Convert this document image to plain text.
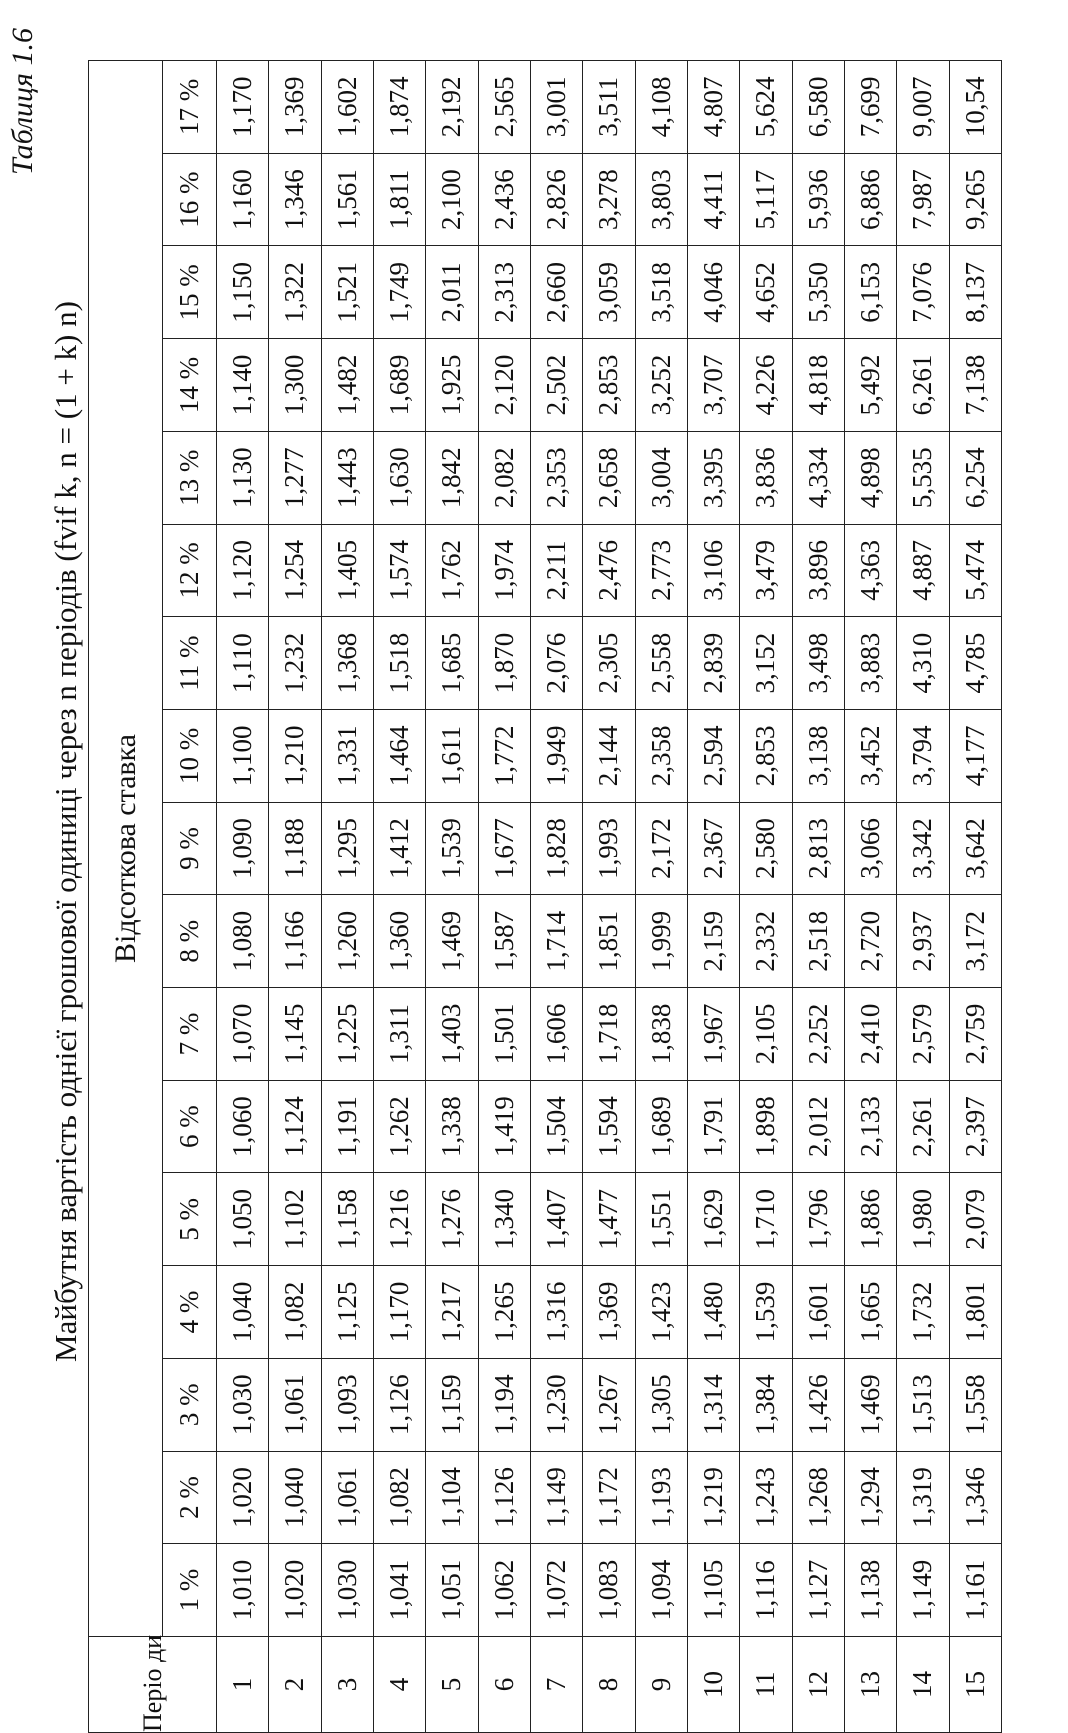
Таблиця 1.6
Майбутня вартість однієї грошової одиниці через n періодів (fvif k, n = (1 + k) n)
Періо ди	Відсоткова ставка																
	1 %	2 %	3 %	4 %	5 %	6 %	7 %	8 %	9 %	10 %	11 %	12 %	13 %	14 %	15 %	16 %	17 %
1	1,010	1,020	1,030	1,040	1,050	1,060	1,070	1,080	1,090	1,100	1,110	1,120	1,130	1,140	1,150	1,160	1,170
2	1,020	1,040	1,061	1,082	1,102	1,124	1,145	1,166	1,188	1,210	1,232	1,254	1,277	1,300	1,322	1,346	1,369
3	1,030	1,061	1,093	1,125	1,158	1,191	1,225	1,260	1,295	1,331	1,368	1,405	1,443	1,482	1,521	1,561	1,602
4	1,041	1,082	1,126	1,170	1,216	1,262	1,311	1,360	1,412	1,464	1,518	1,574	1,630	1,689	1,749	1,811	1,874
5	1,051	1,104	1,159	1,217	1,276	1,338	1,403	1,469	1,539	1,611	1,685	1,762	1,842	1,925	2,011	2,100	2,192
6	1,062	1,126	1,194	1,265	1,340	1,419	1,501	1,587	1,677	1,772	1,870	1,974	2,082	2,120	2,313	2,436	2,565
7	1,072	1,149	1,230	1,316	1,407	1,504	1,606	1,714	1,828	1,949	2,076	2,211	2,353	2,502	2,660	2,826	3,001
8	1,083	1,172	1,267	1,369	1,477	1,594	1,718	1,851	1,993	2,144	2,305	2,476	2,658	2,853	3,059	3,278	3,511
9	1,094	1,193	1,305	1,423	1,551	1,689	1,838	1,999	2,172	2,358	2,558	2,773	3,004	3,252	3,518	3,803	4,108
10	1,105	1,219	1,314	1,480	1,629	1,791	1,967	2,159	2,367	2,594	2,839	3,106	3,395	3,707	4,046	4,411	4,807
11	1,116	1,243	1,384	1,539	1,710	1,898	2,105	2,332	2,580	2,853	3,152	3,479	3,836	4,226	4,652	5,117	5,624
12	1,127	1,268	1,426	1,601	1,796	2,012	2,252	2,518	2,813	3,138	3,498	3,896	4,334	4,818	5,350	5,936	6,580
13	1,138	1,294	1,469	1,665	1,886	2,133	2,410	2,720	3,066	3,452	3,883	4,363	4,898	5,492	6,153	6,886	7,699
14	1,149	1,319	1,513	1,732	1,980	2,261	2,579	2,937	3,342	3,794	4,310	4,887	5,535	6,261	7,076	7,987	9,007
15	1,161	1,346	1,558	1,801	2,079	2,397	2,759	3,172	3,642	4,177	4,785	5,474	6,254	7,138	8,137	9,265	10,54
